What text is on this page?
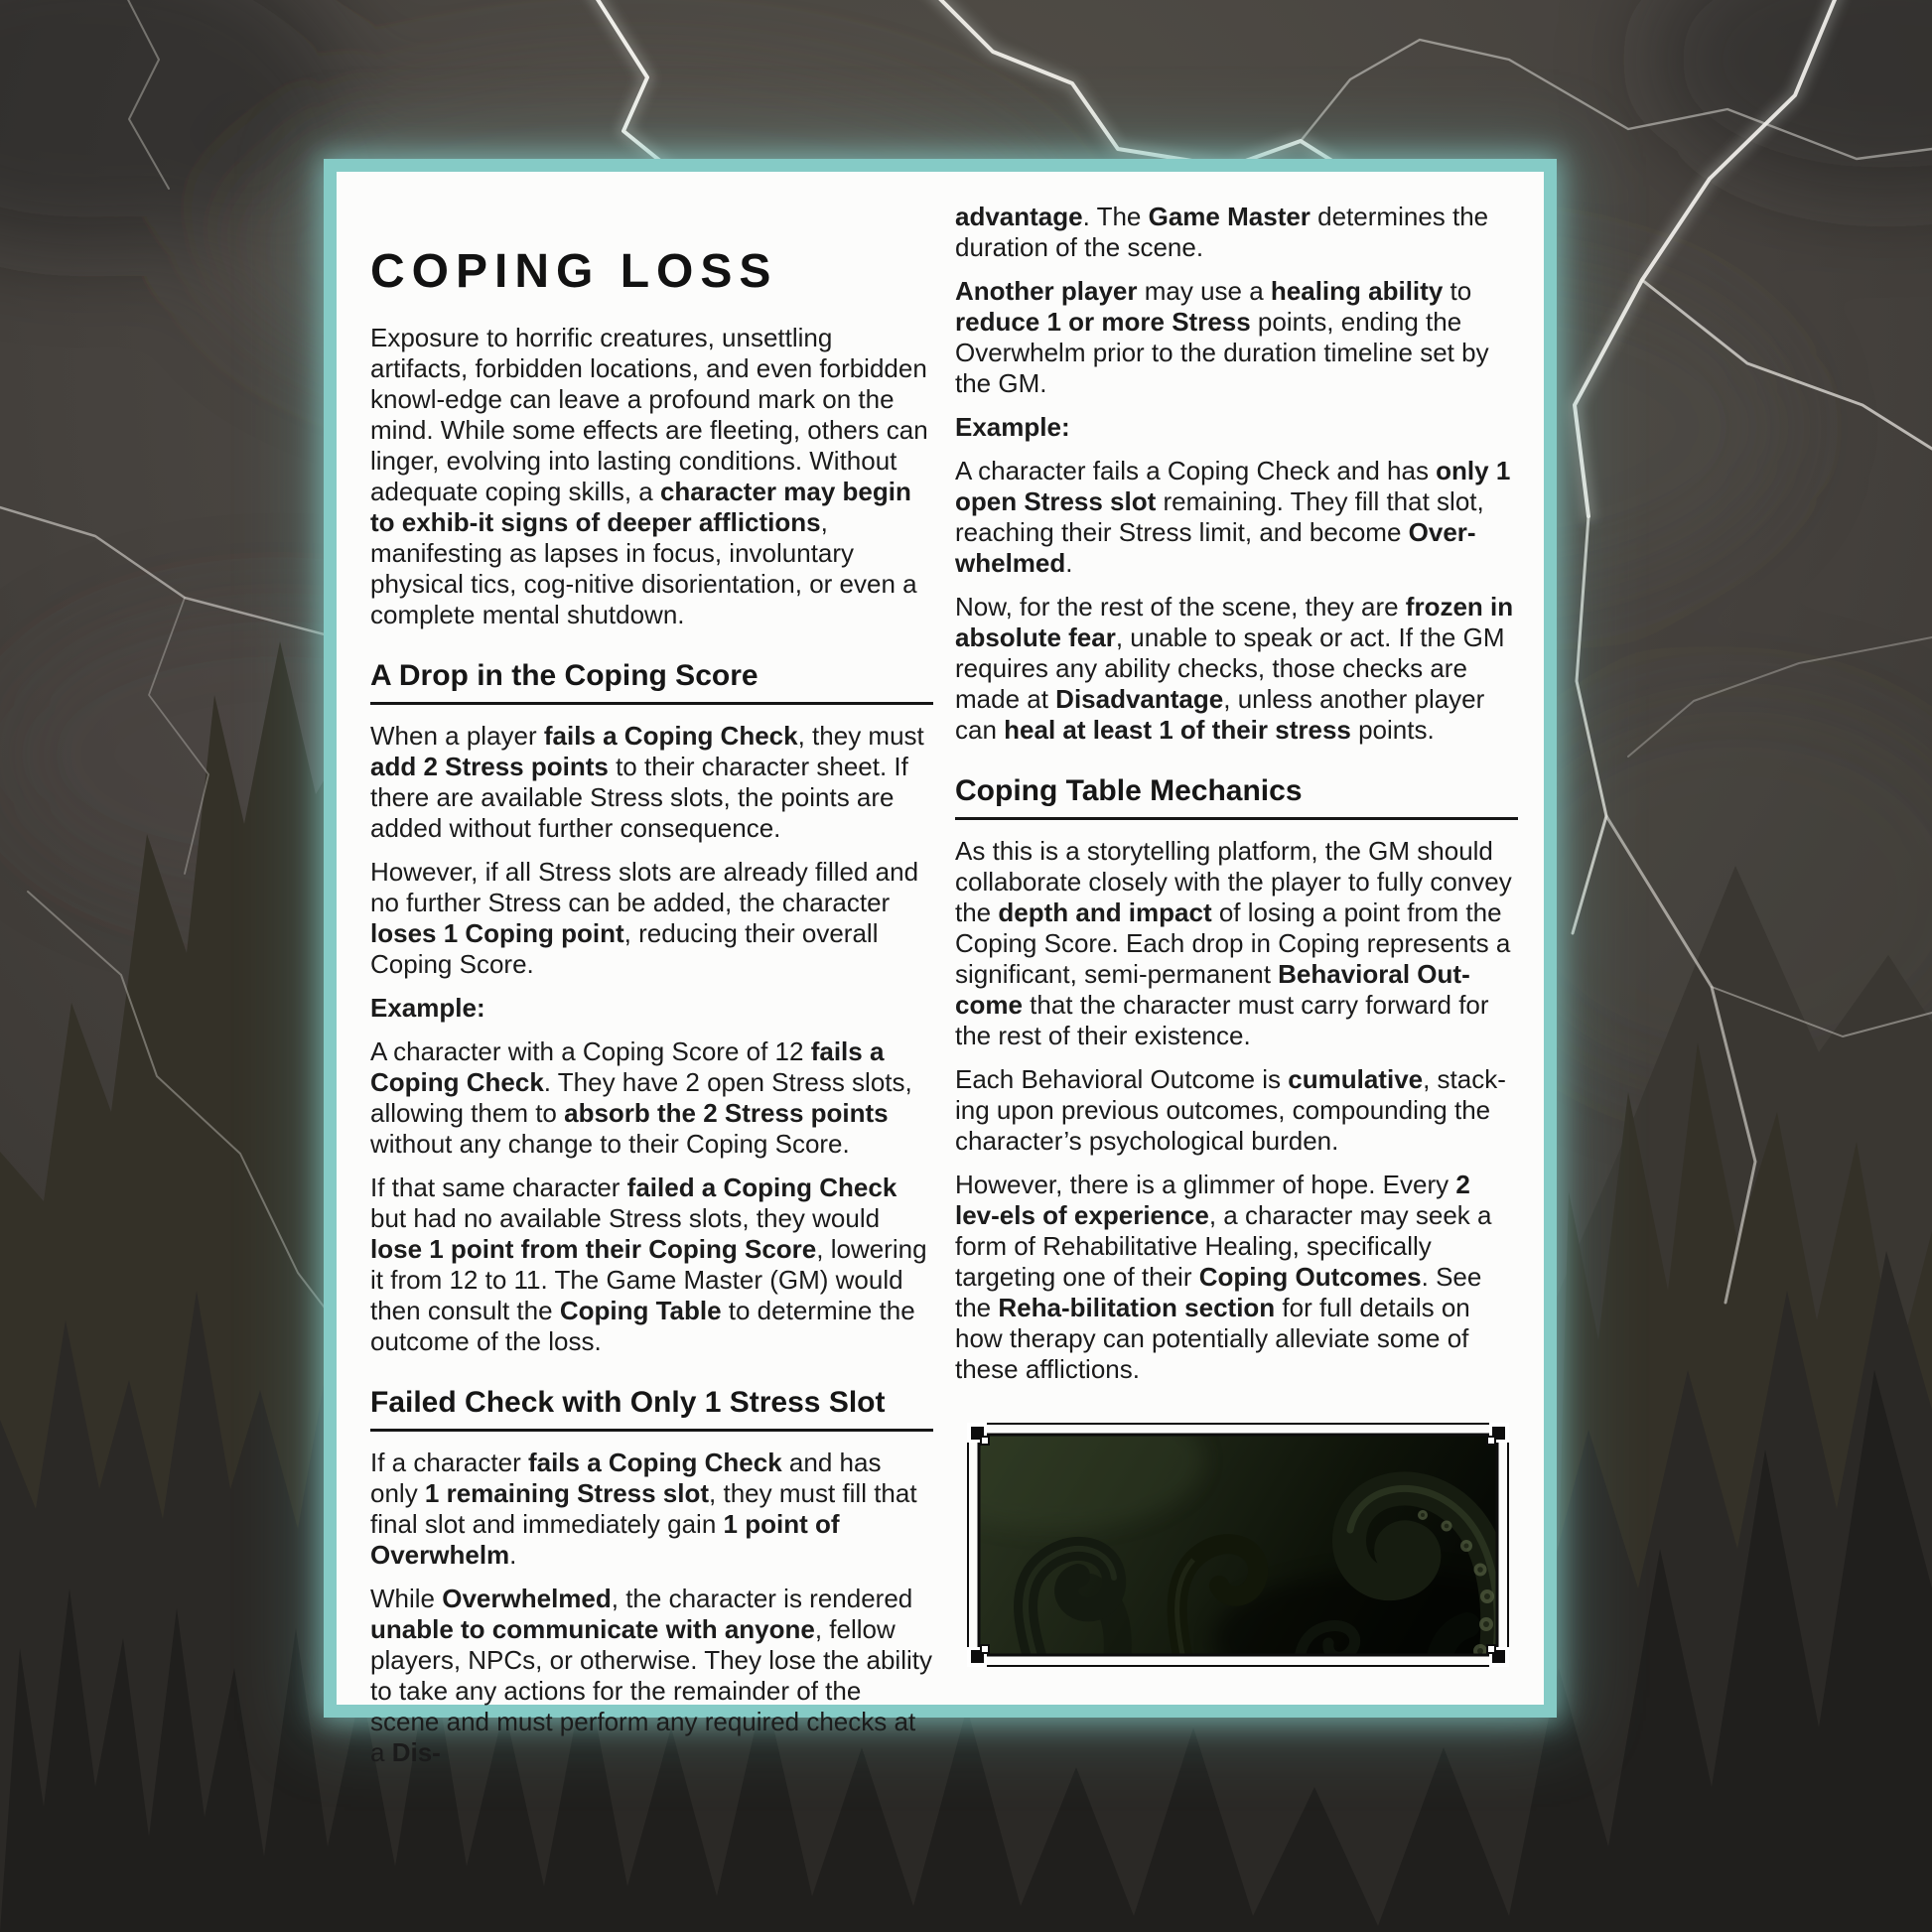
COPING LOSS

Exposure to horrific creatures, unsettling artifacts, forbidden locations, and even forbidden knowl-edge can leave a profound mark on the mind. While some effects are fleeting, others can linger, evolving into lasting conditions. Without adequate coping skills, a character may begin to exhib-it signs of deeper afflictions, manifesting as lapses in focus, involuntary physical tics, cog-nitive disorientation, or even a complete mental shutdown.

A Drop in the Coping Score

When a player fails a Coping Check, they must add 2 Stress points to their character sheet. If there are available Stress slots, the points are added without further consequence.

However, if all Stress slots are already filled and no further Stress can be added, the character loses 1 Coping point, reducing their overall Coping Score.

Example:

A character with a Coping Score of 12 fails a Coping Check. They have 2 open Stress slots, allowing them to absorb the 2 Stress points without any change to their Coping Score.

If that same character failed a Coping Check but had no available Stress slots, they would lose 1 point from their Coping Score, lowering it from 12 to 11. The Game Master (GM) would then consult the Coping Table to determine the outcome of the loss.

Failed Check with Only 1 Stress Slot

If a character fails a Coping Check and has only 1 remaining Stress slot, they must fill that final slot and immediately gain 1 point of Overwhelm.

While Overwhelmed, the character is rendered unable to communicate with anyone, fellow players, NPCs, or otherwise. They lose the ability to take any actions for the remainder of the scene and must perform any required checks at a Dis-

advantage. The Game Master determines the duration of the scene.

Another player may use a healing ability to reduce 1 or more Stress points, ending the Overwhelm prior to the duration timeline set by the GM.

Example:

A character fails a Coping Check and has only 1 open Stress slot remaining. They fill that slot, reaching their Stress limit, and become Over-whelmed.

Now, for the rest of the scene, they are frozen in absolute fear, unable to speak or act. If the GM requires any ability checks, those checks are made at Disadvantage, unless another player can heal at least 1 of their stress points.

Coping Table Mechanics

As this is a storytelling platform, the GM should collaborate closely with the player to fully convey the depth and impact of losing a point from the Coping Score. Each drop in Coping represents a significant, semi-permanent Behavioral Out-come that the character must carry forward for the rest of their existence.

Each Behavioral Outcome is cumulative, stack-ing upon previous outcomes, compounding the character’s psychological burden.

However, there is a glimmer of hope. Every 2 lev-els of experience, a character may seek a form of Rehabilitative Healing, specifically targeting one of their Coping Outcomes. See the Reha-bilitation section for full details on how therapy can potentially alleviate some of these afflictions.
